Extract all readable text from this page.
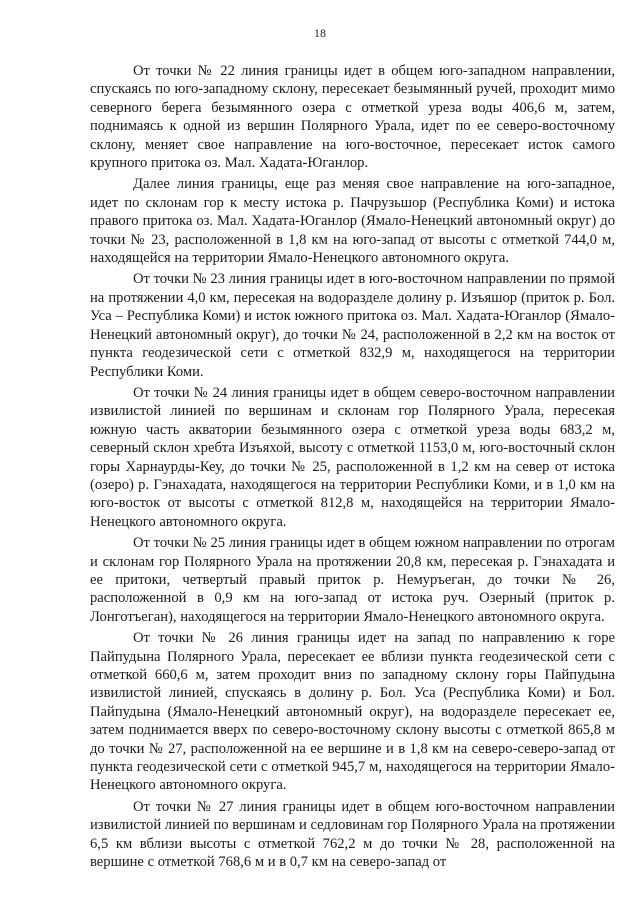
18

От точки № 22 линия границы идет в общем юго-западном направлении, спускаясь по юго-западному склону, пересекает безымянный ручей, проходит мимо северного берега безымянного озера с отметкой уреза воды 406,6 м, затем, поднимаясь к одной из вершин Полярного Урала, идет по ее северо-восточному склону, меняет свое направление на юго-восточное, пересекает исток самого крупного притока оз. Мал. Хадата-Юганлор.

Далее линия границы, еще раз меняя свое направление на юго-западное, идет по склонам гор к месту истока р. Пачрузьшор (Республика Коми) и истока правого притока оз. Мал. Хадата-Юганлор (Ямало-Ненецкий автономный округ) до точки № 23, расположенной в 1,8 км на юго-запад от высоты с отметкой 744,0 м, находящейся на территории Ямало-Ненецкого автономного округа.

От точки № 23 линия границы идет в юго-восточном направлении по прямой на протяжении 4,0 км, пересекая на водоразделе долину р. Изъяшор (приток р. Бол. Уса – Республика Коми) и исток южного притока оз. Мал. Хадата-Юганлор (Ямало-Ненецкий автономный округ), до точки № 24, расположенной в 2,2 км на восток от пункта геодезической сети с отметкой 832,9 м, находящегося на территории Республики Коми.

От точки № 24 линия границы идет в общем северо-восточном направлении извилистой линией по вершинам и склонам гор Полярного Урала, пересекая южную часть акватории безымянного озера с отметкой уреза воды 683,2 м, северный склон хребта Изъяхой, высоту с отметкой 1153,0 м, юго-восточный склон горы Харнаурды-Кеу, до точки № 25, расположенной в 1,2 км на север от истока (озеро) р. Гэнахадата, находящегося на территории Республики Коми, и в 1,0 км на юго-восток от высоты с отметкой 812,8 м, находящейся на территории Ямало-Ненецкого автономного округа.

От точки № 25 линия границы идет в общем южном направлении по отрогам и склонам гор Полярного Урала на протяжении 20,8 км, пересекая р. Гэнахадата и ее притоки, четвертый правый приток р. Немуръеган, до точки № 26, расположенной в 0,9 км на юго-запад от истока руч. Озерный (приток р. Лонготъеган), находящегося на территории Ямало-Ненецкого автономного округа.

От точки № 26 линия границы идет на запад по направлению к горе Пайпудына Полярного Урала, пересекает ее вблизи пункта геодезической сети с отметкой 660,6 м, затем проходит вниз по западному склону горы Пайпудына извилистой линией, спускаясь в долину р. Бол. Уса (Республика Коми) и Бол. Пайпудына (Ямало-Ненецкий автономный округ), на водоразделе пересекает ее, затем поднимается вверх по северо-восточному склону высоты с отметкой 865,8 м до точки № 27, расположенной на ее вершине и в 1,8 км на северо-северо-запад от пункта геодезической сети с отметкой 945,7 м, находящегося на территории Ямало-Ненецкого автономного округа.

От точки № 27 линия границы идет в общем юго-восточном направлении извилистой линией по вершинам и седловинам гор Полярного Урала на протяжении 6,5 км вблизи высоты с отметкой 762,2 м до точки № 28, расположенной на вершине с отметкой 768,6 м и в 0,7 км на северо-запад от
